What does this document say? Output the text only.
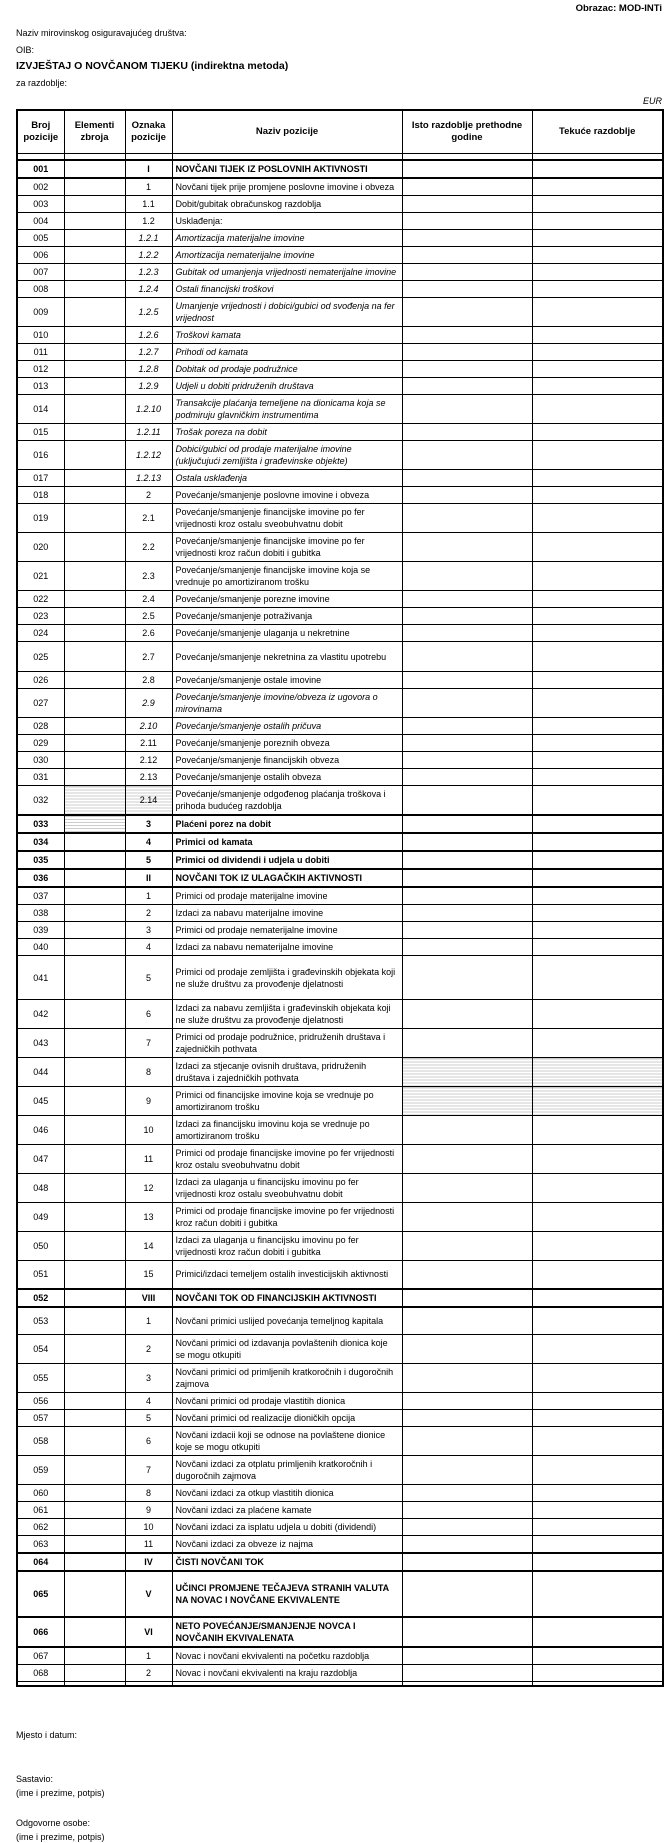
Obrazac: MOD-INTi
Naziv mirovinskog osiguravajućeg društva:
OIB:
IZVJEŠTAJ O NOVČANOM TIJEKU (indirektna metoda)
za razdoblje:
EUR
Broj pozicije	Elementi zbroja	Oznaka pozicije	Naziv pozicije	Isto razdoblje prethodne godine	Tekuće razdoblje

001		I	NOVČANI TIJEK IZ POSLOVNIH AKTIVNOSTI		
002		1	Novčani tijek prije promjene poslovne imovine i obveza		
003		1.1	Dobit/gubitak obračunskog razdoblja		
004		1.2	Usklađenja:		
005		1.2.1	Amortizacija materijalne imovine		
006		1.2.2	Amortizacija nematerijalne imovine		
007		1.2.3	Gubitak od umanjenja vrijednosti nematerijalne imovine		
008		1.2.4	Ostali financijski troškovi		
009		1.2.5	Umanjenje vrijednosti i dobici/gubici od svođenja na fer vrijednost		
010		1.2.6	Troškovi kamata		
011		1.2.7	Prihodi od kamata		
012		1.2.8	Dobitak od prodaje podružnice		
013		1.2.9	Udjeli u dobiti pridruženih društava		
014		1.2.10	Transakcije plaćanja temeljene na dionicama koja se podmiruju glavničkim instrumentima		
015		1.2.11	Trošak poreza na dobit		
016		1.2.12	Dobici/gubici od prodaje materijalne imovine (uključujući zemljišta i građevinske objekte)		
017		1.2.13	Ostala usklađenja		
018		2	Povećanje/smanjenje poslovne imovine i obveza		
019		2.1	Povećanje/smanjenje financijske imovine po fer vrijednosti kroz ostalu sveobuhvatnu dobit		
020		2.2	Povećanje/smanjenje financijske imovine po fer vrijednosti kroz račun dobiti i gubitka		
021		2.3	Povećanje/smanjenje financijske imovine koja se vrednuje po amortiziranom trošku		
022		2.4	Povećanje/smanjenje porezne imovine		
023		2.5	Povećanje/smanjenje potraživanja		
024		2.6	Povećanje/smanjenje ulaganja u nekretnine		
025		2.7	Povećanje/smanjenje nekretnina za vlastitu upotrebu		
026		2.8	Povećanje/smanjenje ostale imovine		
027		2.9	Povećanje/smanjenje imovine/obveza iz ugovora o mirovinama		
028		2.10	Povećanje/smanjenje ostalih pričuva		
029		2.11	Povećanje/smanjenje poreznih obveza		
030		2.12	Povećanje/smanjenje financijskih obveza		
031		2.13	Povećanje/smanjenje ostalih obveza		
032		2.14	Povećanje/smanjenje odgođenog plaćanja troškova i prihoda budućeg razdoblja		
033		3	Plaćeni porez na dobit		
034		4	Primici od kamata		
035		5	Primici od dividendi i udjela u dobiti		
036		II	NOVČANI TOK IZ ULAGAČKIH AKTIVNOSTI		
037		1	Primici od prodaje materijalne imovine		
038		2	Izdaci za nabavu materijalne imovine		
039		3	Primici od prodaje nematerijalne imovine		
040		4	Izdaci za nabavu nematerijalne imovine		
041		5	Primici od prodaje zemljišta i građevinskih objekata koji ne služe društvu za provođenje djelatnosti		
042		6	Izdaci za nabavu zemljišta i građevinskih objekata koji ne služe društvu za provođenje djelatnosti		
043		7	Primici od prodaje podružnice, pridruženih društava i zajedničkih pothvata		
044		8	Izdaci za stjecanje ovisnih društava, pridruženih društava i zajedničkih pothvata		
045		9	Primici od financijske imovine koja se vrednuje po amortiziranom trošku		
046		10	Izdaci za financijsku imovinu koja se vrednuje po amortiziranom trošku		
047		11	Primici od prodaje financijske imovine po fer vrijednosti kroz ostalu sveobuhvatnu dobit		
048		12	Izdaci za ulaganja u financijsku imovinu po fer vrijednosti kroz ostalu sveobuhvatnu dobit		
049		13	Primici od prodaje financijske imovine po fer vrijednosti kroz račun dobiti i gubitka		
050		14	Izdaci za ulaganja u financijsku imovinu po fer vrijednosti kroz račun dobiti i gubitka		
051		15	Primici/izdaci temeljem ostalih investicijskih aktivnosti		
052		VIII	NOVČANI TOK OD FINANCIJSKIH AKTIVNOSTI		
053		1	Novčani primici uslijed povećanja temeljnog kapitala		
054		2	Novčani primici od izdavanja povlaštenih dionica koje se mogu otkupiti		
055		3	Novčani primici od primljenih kratkoročnih i dugoročnih zajmova		
056		4	Novčani primici od prodaje vlastitih dionica		
057		5	Novčani primici od realizacije dioničkih opcija		
058		6	Novčani izdacii koji se odnose na povlaštene dionice koje se mogu otkupiti		
059		7	Novčani izdaci za otplatu primljenih kratkoročnih i dugoročnih zajmova		
060		8	Novčani izdaci za otkup vlastitih dionica		
061		9	Novčani izdaci za plaćene kamate		
062		10	Novčani izdaci za isplatu udjela u dobiti (dividendi)		
063		11	Novčani izdaci za obveze iz najma		
064		IV	ČISTI NOVČANI TOK		
065		V	UČINCI PROMJENE TEČAJEVA STRANIH VALUTA NA NOVAC I NOVČANE EKVIVALENTE		
066		VI	NETO POVEĆANJE/SMANJENJE NOVCA I NOVČANIH EKVIVALENATA		
067		1	Novac i novčani ekvivalenti na početku razdoblja		
068		2	Novac i novčani ekvivalenti na kraju razdoblja		

Mjesto i datum:
Sastavio:
(ime i prezime, potpis)
Odgovorne osobe:
(ime i prezime, potpis)
